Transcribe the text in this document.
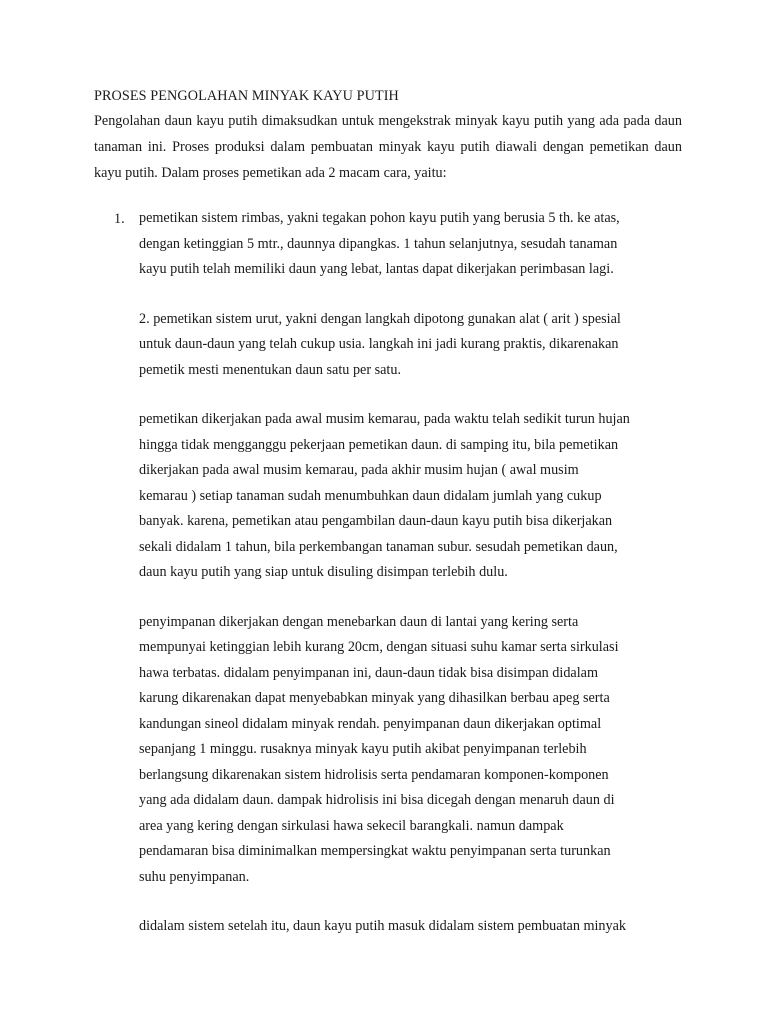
PROSES PENGOLAHAN MINYAK KAYU PUTIH

Pengolahan daun kayu putih dimaksudkan untuk mengekstrak minyak kayu putih yang ada pada daun tanaman ini. Proses produksi dalam pembuatan minyak kayu putih diawali dengan pemetikan daun kayu putih. Dalam proses pemetikan ada 2 macam cara, yaitu:

1. pemetikan sistem rimbas, yakni tegakan pohon kayu putih yang berusia 5 th. ke atas,
dengan ketinggian 5 mtr., daunnya dipangkas. 1 tahun selanjutnya, sesudah tanaman
kayu putih telah memiliki daun yang lebat, lantas dapat dikerjakan perimbasan lagi.

2. pemetikan sistem urut, yakni dengan langkah dipotong gunakan alat ( arit ) spesial
untuk daun-daun yang telah cukup usia. langkah ini jadi kurang praktis, dikarenakan
pemetik mesti menentukan daun satu per satu.

pemetikan dikerjakan pada awal musim kemarau, pada waktu telah sedikit turun hujan
hingga tidak mengganggu pekerjaan pemetikan daun. di samping itu, bila pemetikan
dikerjakan pada awal musim kemarau, pada akhir musim hujan ( awal musim
kemarau ) setiap tanaman sudah menumbuhkan daun didalam jumlah yang cukup
banyak. karena, pemetikan atau pengambilan daun-daun kayu putih bisa dikerjakan
sekali didalam 1 tahun, bila perkembangan tanaman subur. sesudah pemetikan daun,
daun kayu putih yang siap untuk disuling disimpan terlebih dulu.

penyimpanan dikerjakan dengan menebarkan daun di lantai yang kering serta
mempunyai ketinggian lebih kurang 20cm, dengan situasi suhu kamar serta sirkulasi
hawa terbatas. didalam penyimpanan ini, daun-daun tidak bisa disimpan didalam
karung dikarenakan dapat menyebabkan minyak yang dihasilkan berbau apeg serta
kandungan sineol didalam minyak rendah. penyimpanan daun dikerjakan optimal
sepanjang 1 minggu. rusaknya minyak kayu putih akibat penyimpanan terlebih
berlangsung dikarenakan sistem hidrolisis serta pendamaran komponen-komponen
yang ada didalam daun. dampak hidrolisis ini bisa dicegah dengan menaruh daun di
area yang kering dengan sirkulasi hawa sekecil barangkali. namun dampak
pendamaran bisa diminimalkan mempersingkat waktu penyimpanan serta turunkan
suhu penyimpanan.

didalam sistem setelah itu, daun kayu putih masuk didalam sistem pembuatan minyak
